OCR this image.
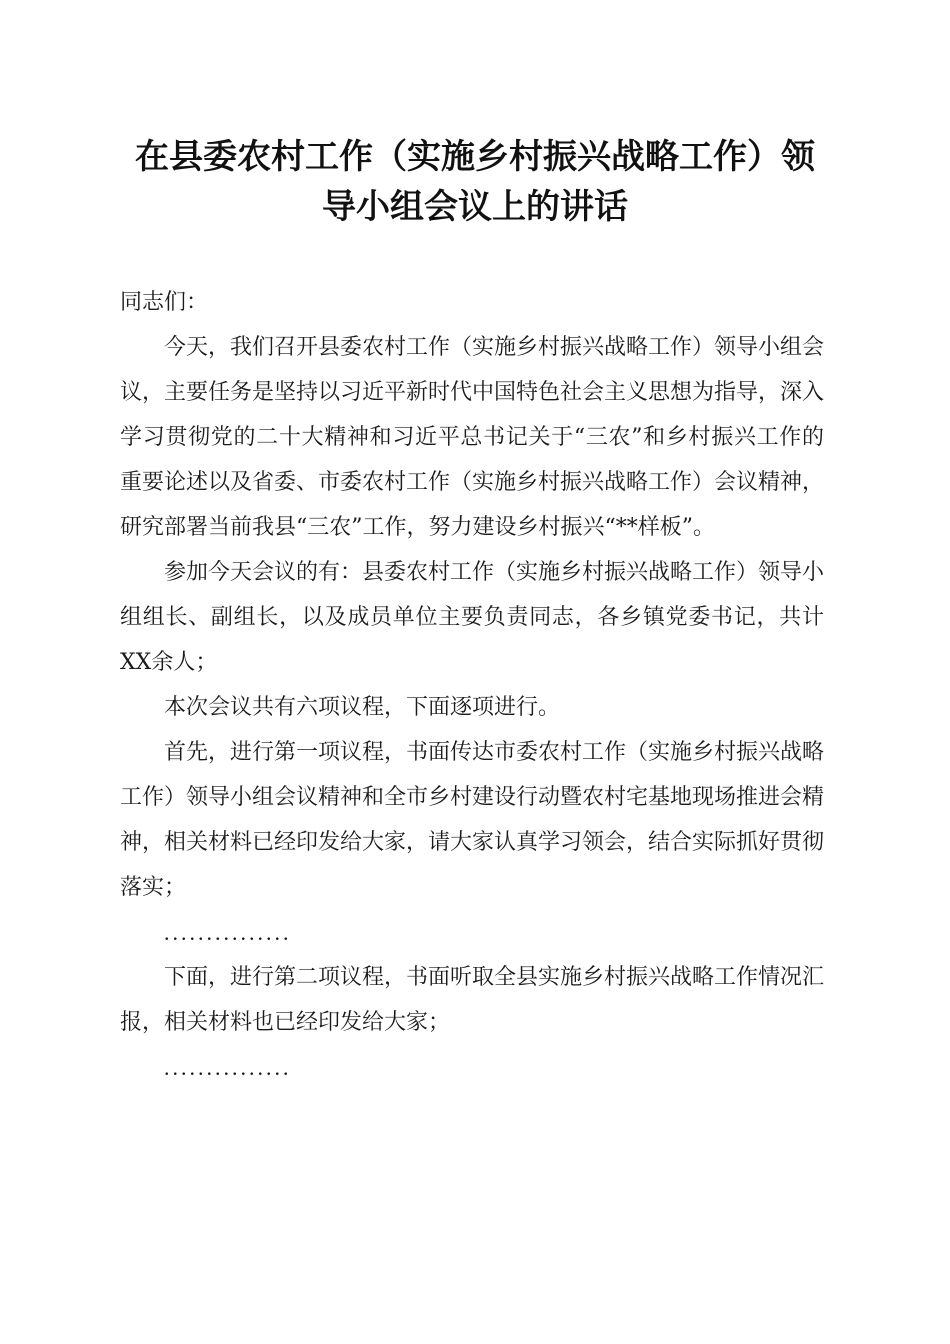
在县委农村工作（实施乡村振兴战略工作）领
导小组会议上的讲话

同志们：

今天，我们召开县委农村工作（实施乡村振兴战略工作）领导小组会议，主要任务是坚持以习近平新时代中国特色社会主义思想为指导，深入学习贯彻党的二十大精神和习近平总书记关于“三农”和乡村振兴工作的重要论述以及省委、市委农村工作（实施乡村振兴战略工作）会议精神，研究部署当前我县“三农”工作，努力建设乡村振兴“**样板”。

参加今天会议的有：县委农村工作（实施乡村振兴战略工作）领导小组组长、副组长，以及成员单位主要负责同志，各乡镇党委书记，共计XX余人；

本次会议共有六项议程，下面逐项进行。

首先，进行第一项议程，书面传达市委农村工作（实施乡村振兴战略工作）领导小组会议精神和全市乡村建设行动暨农村宅基地现场推进会精神，相关材料已经印发给大家，请大家认真学习领会，结合实际抓好贯彻落实；

...............

下面，进行第二项议程，书面听取全县实施乡村振兴战略工作情况汇报，相关材料也已经印发给大家；

...............
